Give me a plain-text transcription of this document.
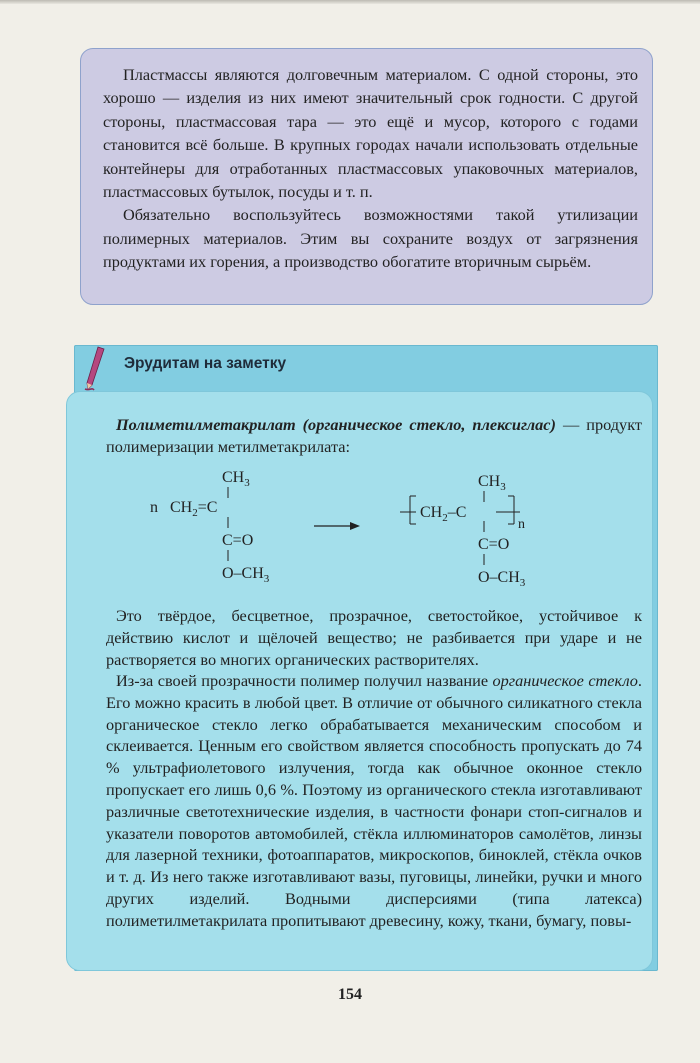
Пластмассы являются долговечным материалом. С одной стороны, это хорошо — изделия из них имеют значительный срок годности. С другой стороны, пластмассовая тара — это ещё и мусор, которого с годами становится всё больше. В крупных городах начали использовать отдельные контейнеры для отработанных пластмассовых упаковочных материалов, пластмассовых бутылок, посуды и т. п.

Обязательно воспользуйтесь возможностями такой утилизации полимерных материалов. Этим вы сохраните воздух от загрязнения продуктами их горения, а производство обогатите вторичным сырьём.

Эрудитам на заметку

Полиметилметакрилат (органическое стекло, плексиглас) — продукт полимеризации метилметакрилата:

n $CH_2=C$
$CH_3$
C=O
$O-CH_3$
$CH_2-C$
$CH_3$
n
C=O
$O-CH_3$

Это твёрдое, бесцветное, прозрачное, светостойкое, устойчивое к действию кислот и щёлочей вещество; не разбивается при ударе и не растворяется во многих органических растворителях.

Из-за своей прозрачности полимер получил название органическое стекло. Его можно красить в любой цвет. В отличие от обычного силикатного стекла органическое стекло легко обрабатывается механическим способом и склеивается. Ценным его свойством является способность пропускать до 74 % ультрафиолетового излучения, тогда как обычное оконное стекло пропускает его лишь 0,6 %. Поэтому из органического стекла изготавливают различные светотехнические изделия, в частности фонари стоп-сигналов и указатели поворотов автомобилей, стёкла иллюминаторов самолётов, линзы для лазерной техники, фотоаппаратов, микроскопов, биноклей, стёкла очков и т. д. Из него также изготавливают вазы, пуговицы, линейки, ручки и много других изделий. Водными дисперсиями (типа латекса) полиметилметакрилата пропитывают древесину, кожу, ткани, бумагу, повы-

154
